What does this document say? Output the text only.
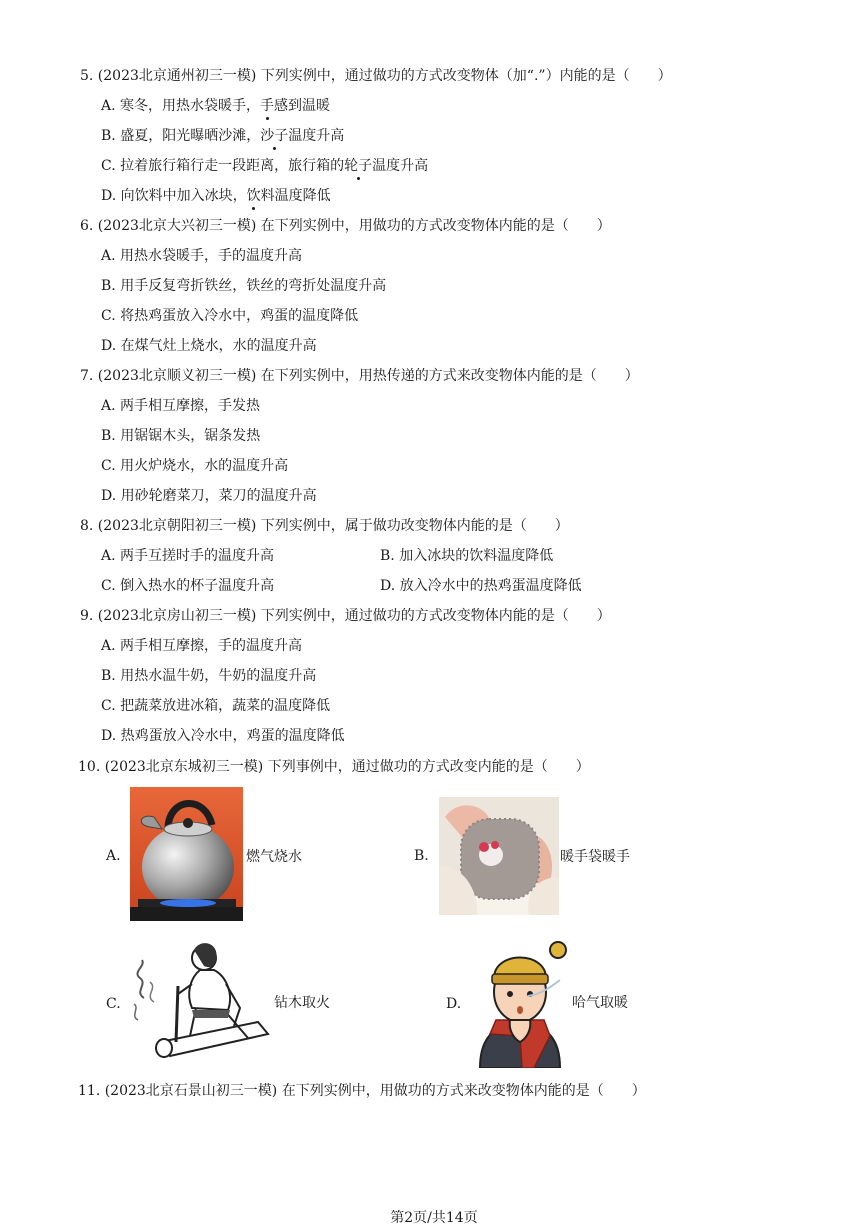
5. (2023北京通州初三一模) 下列实例中，通过做功的方式改变物体（加“.”）内能的是（　　）
A. 寒冬，用热水袋暖手，手感到温暖
B. 盛夏，阳光曝晒沙滩，沙子温度升高
C. 拉着旅行箱行走一段距离，旅行箱的轮子温度升高
D. 向饮料中加入冰块，饮料温度降低
6. (2023北京大兴初三一模) 在下列实例中，用做功的方式改变物体内能的是（　　）
A. 用热水袋暖手，手的温度升高
B. 用手反复弯折铁丝，铁丝的弯折处温度升高
C. 将热鸡蛋放入冷水中，鸡蛋的温度降低
D. 在煤气灶上烧水，水的温度升高
7. (2023北京顺义初三一模) 在下列实例中，用热传递的方式来改变物体内能的是（　　）
A. 两手相互摩擦，手发热
B. 用锯锯木头，锯条发热
C. 用火炉烧水，水的温度升高
D. 用砂轮磨菜刀，菜刀的温度升高
8. (2023北京朝阳初三一模) 下列实例中，属于做功改变物体内能的是（　　）
A. 两手互搓时手的温度升高	B. 加入冰块的饮料温度降低
C. 倒入热水的杯子温度升高	D. 放入冷水中的热鸡蛋温度降低
9. (2023北京房山初三一模) 下列实例中，通过做功的方式改变物体内能的是（　　）
A. 两手相互摩擦，手的温度升高
B. 用热水温牛奶，牛奶的温度升高
C. 把蔬菜放进冰箱，蔬菜的温度降低
D. 热鸡蛋放入冷水中，鸡蛋的温度降低
10. (2023北京东城初三一模) 下列事例中，通过做功的方式改变内能的是（　　）
A.	燃气烧水	B.	暖手袋暖手
C.	钻木取火	D.	哈气取暖
11. (2023北京石景山初三一模) 在下列实例中，用做功的方式来改变物体内能的是（　　）
第2页/共14页
